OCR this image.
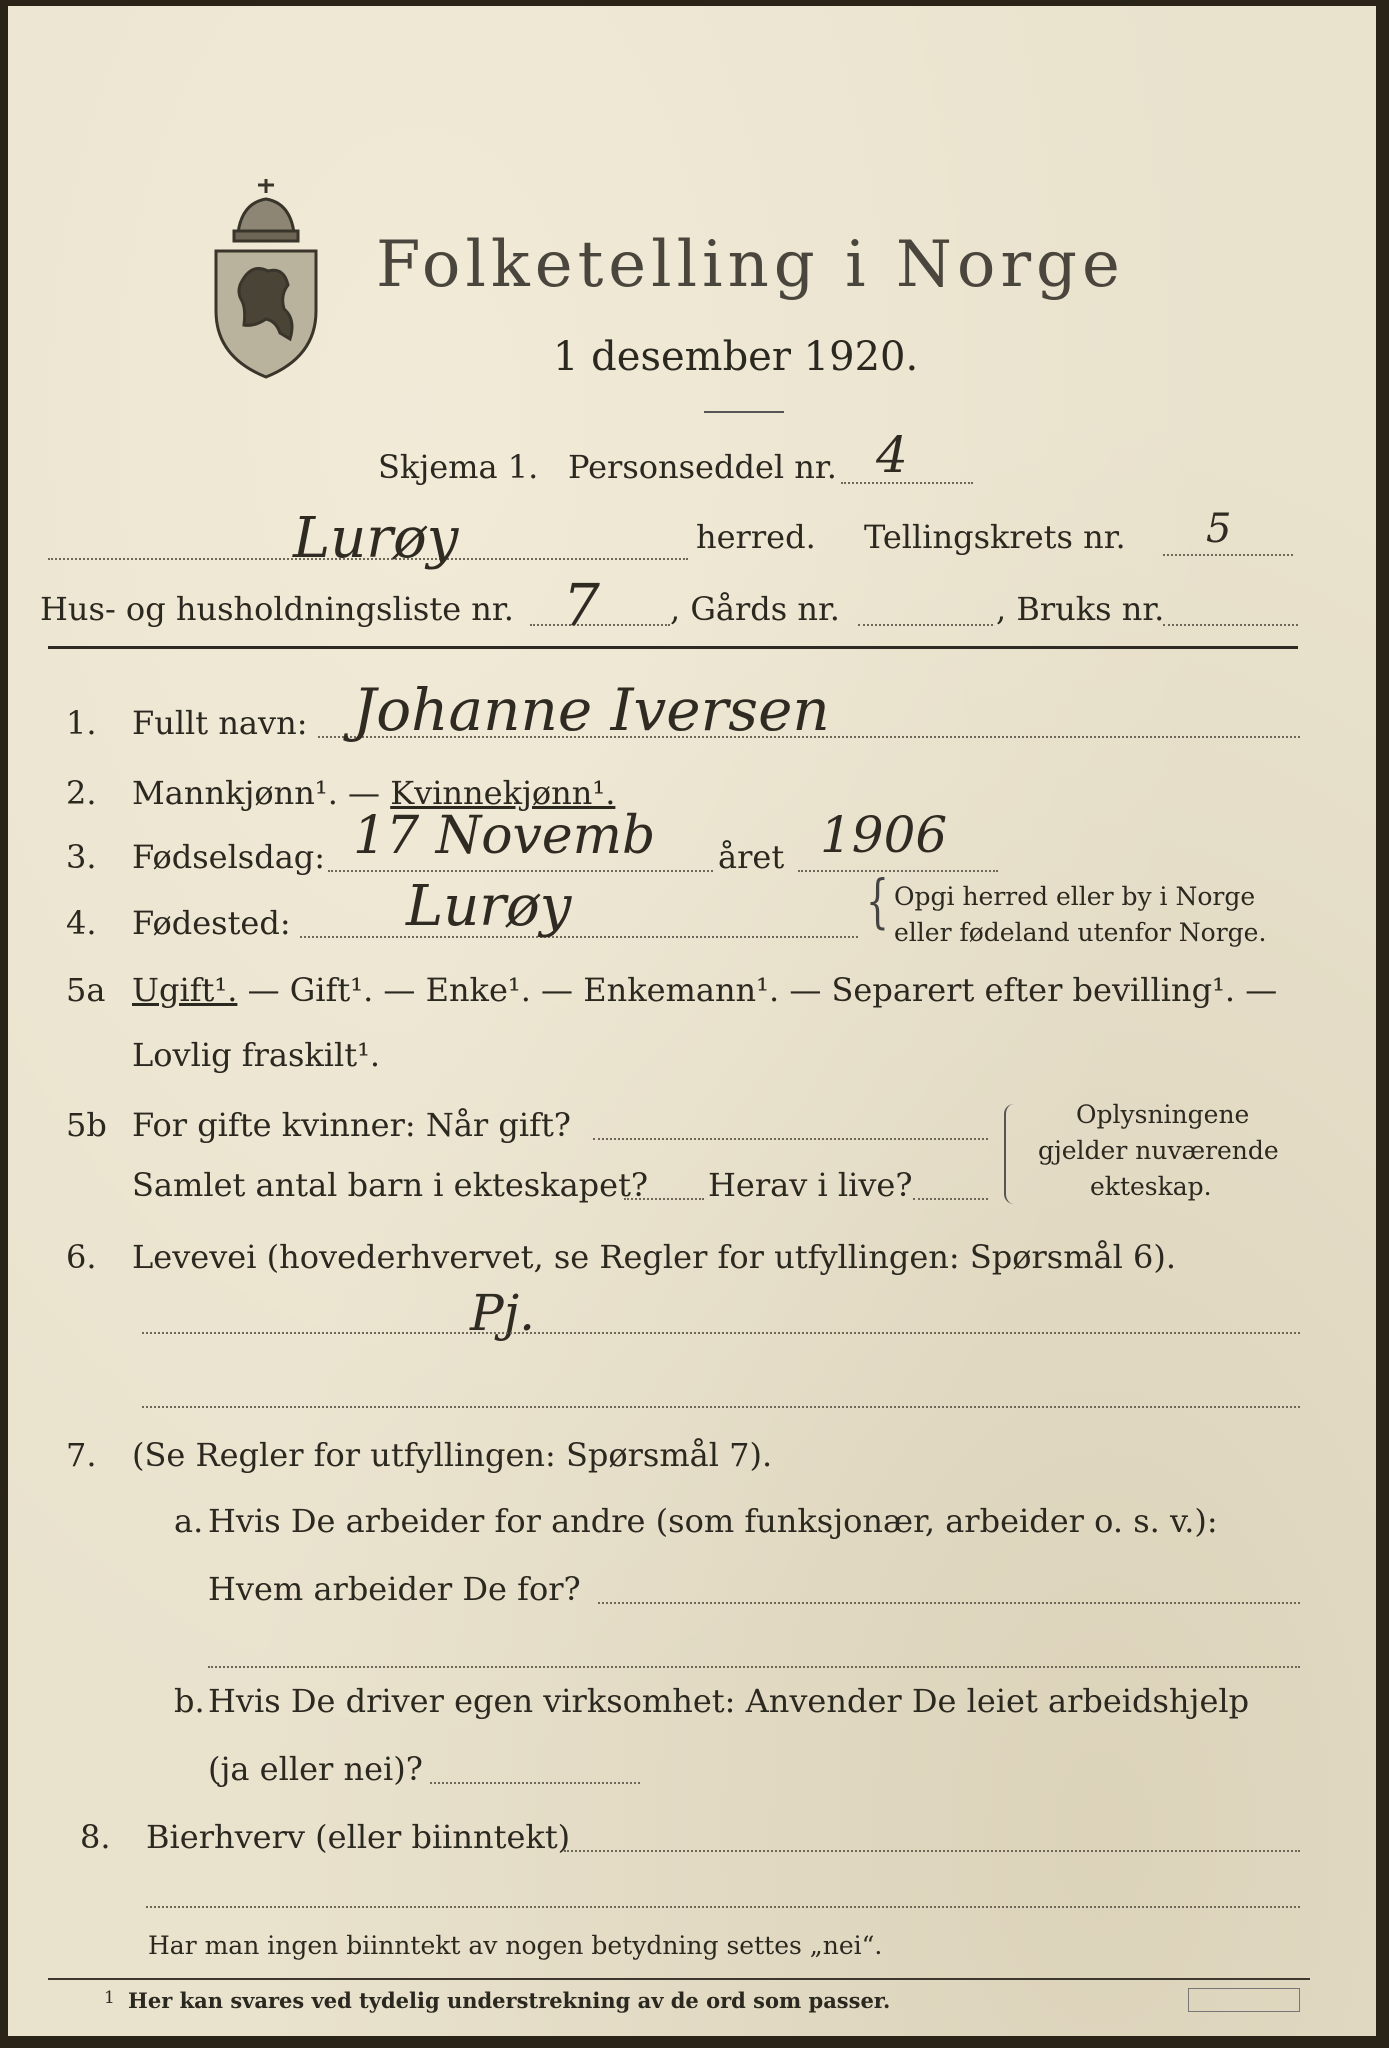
Folketelling i Norge
1 desember 1920.
Skjema 1. Personseddel nr. 4
Lurøy	herred. Tellingskrets nr. 5
Hus- og husholdningsliste nr. 7 , Gårds nr.	, Bruks nr.
1. Fullt navn: Johanne Iversen
2. Mannkjønn¹. — Kvinnekjønn¹.
3. Fødselsdag: 17 Novemb året 1906
4. Fødested: Lurøy	{ Opgi herred eller by i Norge
eller fødeland utenfor Norge.
5a Ugift¹. — Gift¹. — Enke¹. — Enkemann¹. — Separert efter bevilling¹. —
Lovlig fraskilt¹.
5b For gifte kvinner: Når gift?
Samlet antal barn i ekteskapet? Herav i live?
Oplysningene
gjelder nuværende
ekteskap.
6. Levevei (hovederhvervet, se Regler for utfyllingen: Spørsmål 6).
Pj.
7. (Se Regler for utfyllingen: Spørsmål 7).
a. Hvis De arbeider for andre (som funksjonær, arbeider o. s. v.):
Hvem arbeider De for?
b. Hvis De driver egen virksomhet: Anvender De leiet arbeidshjelp
(ja eller nei)?
8. Bierhverv (eller biinntekt)
Har man ingen biinntekt av nogen betydning settes „nei“.
1 Her kan svares ved tydelig understrekning av de ord som passer.
